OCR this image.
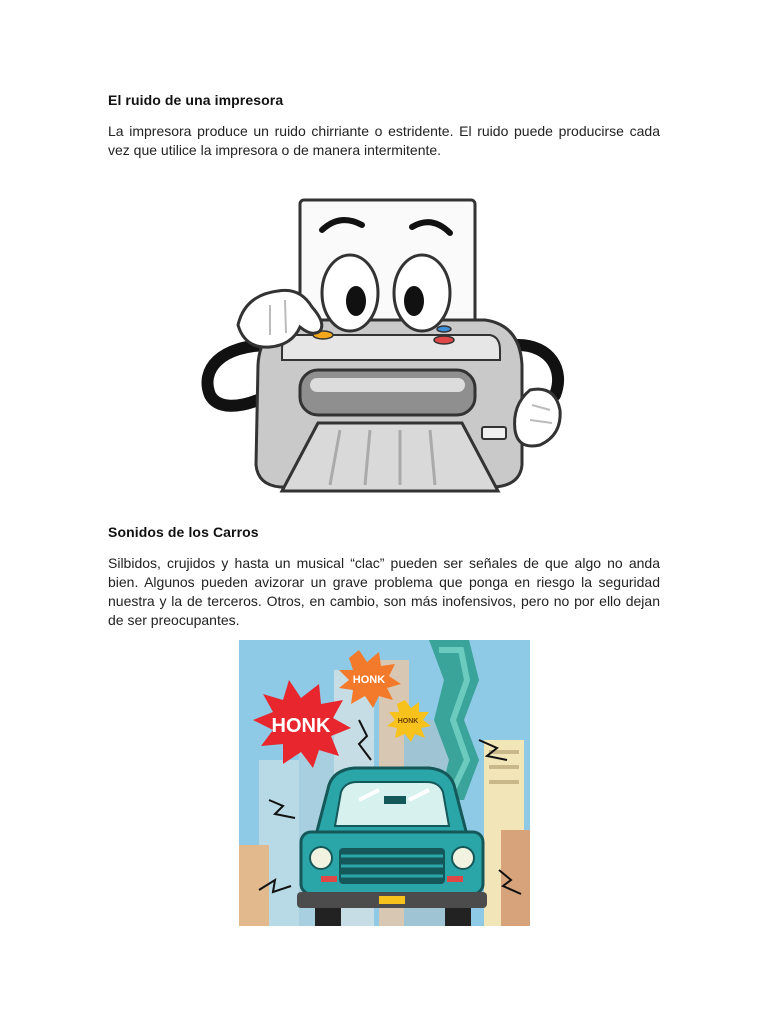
El ruido de una impresora

La impresora produce un ruido chirriante o estridente. El ruido puede producirse cada vez que utilice la impresora o de manera intermitente.

Sonidos de los Carros

Silbidos, crujidos y hasta un musical “clac” pueden ser señales de que algo no anda bien. Algunos pueden avizorar un grave problema que ponga en riesgo la seguridad nuestra y la de terceros. Otros, en cambio, son más inofensivos, pero no por ello dejan de ser preocupantes.

HONK
HONK
HONK
